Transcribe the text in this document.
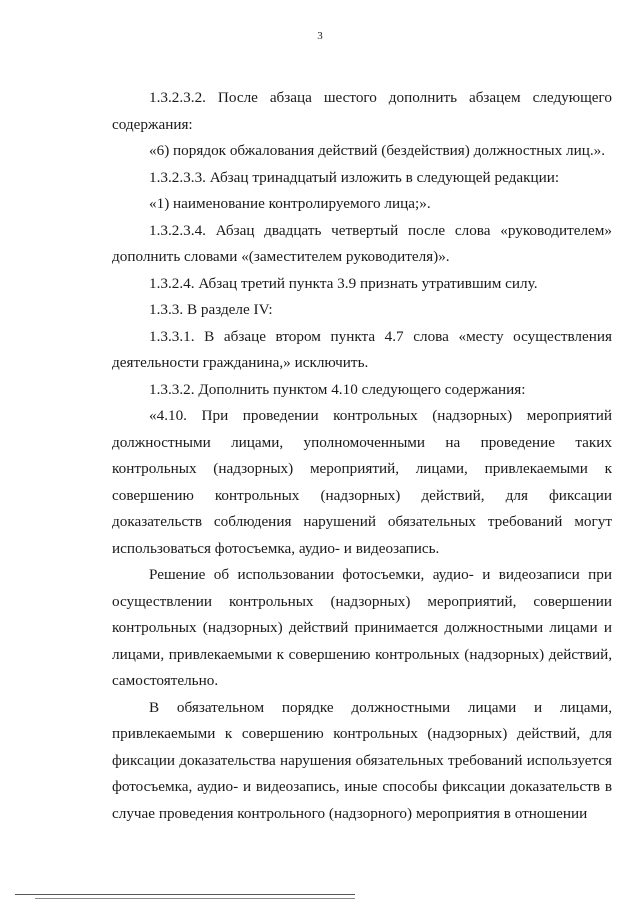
3

1.3.2.3.2. После абзаца шестого дополнить абзацем следующего содержания:

«6) порядок обжалования действий (бездействия) должностных лиц.».

1.3.2.3.3. Абзац тринадцатый изложить в следующей редакции:

«1) наименование контролируемого лица;».

1.3.2.3.4. Абзац двадцать четвертый после слова «руководителем» дополнить словами «(заместителем руководителя)».

1.3.2.4. Абзац третий пункта 3.9 признать утратившим силу.

1.3.3. В разделе IV:

1.3.3.1. В абзаце втором пункта 4.7 слова «месту осуществления деятельности гражданина,» исключить.

1.3.3.2. Дополнить пунктом 4.10 следующего содержания:

«4.10. При проведении контрольных (надзорных) мероприятий должностными лицами, уполномоченными на проведение таких контрольных (надзорных) мероприятий, лицами, привлекаемыми к совершению контрольных (надзорных) действий, для фиксации доказательств соблюдения нарушений обязательных требований могут использоваться фотосъемка, аудио- и видеозапись.

Решение об использовании фотосъемки, аудио- и видеозаписи при осуществлении контрольных (надзорных) мероприятий, совершении контрольных (надзорных) действий принимается должностными лицами и лицами, привлекаемыми к совершению контрольных (надзорных) действий, самостоятельно.

В обязательном порядке должностными лицами и лицами, привлекаемыми к совершению контрольных (надзорных) действий, для фиксации доказательства нарушения обязательных требований используется фотосъемка, аудио- и видеозапись, иные способы фиксации доказательств в случае проведения контрольного (надзорного) мероприятия в отношении
